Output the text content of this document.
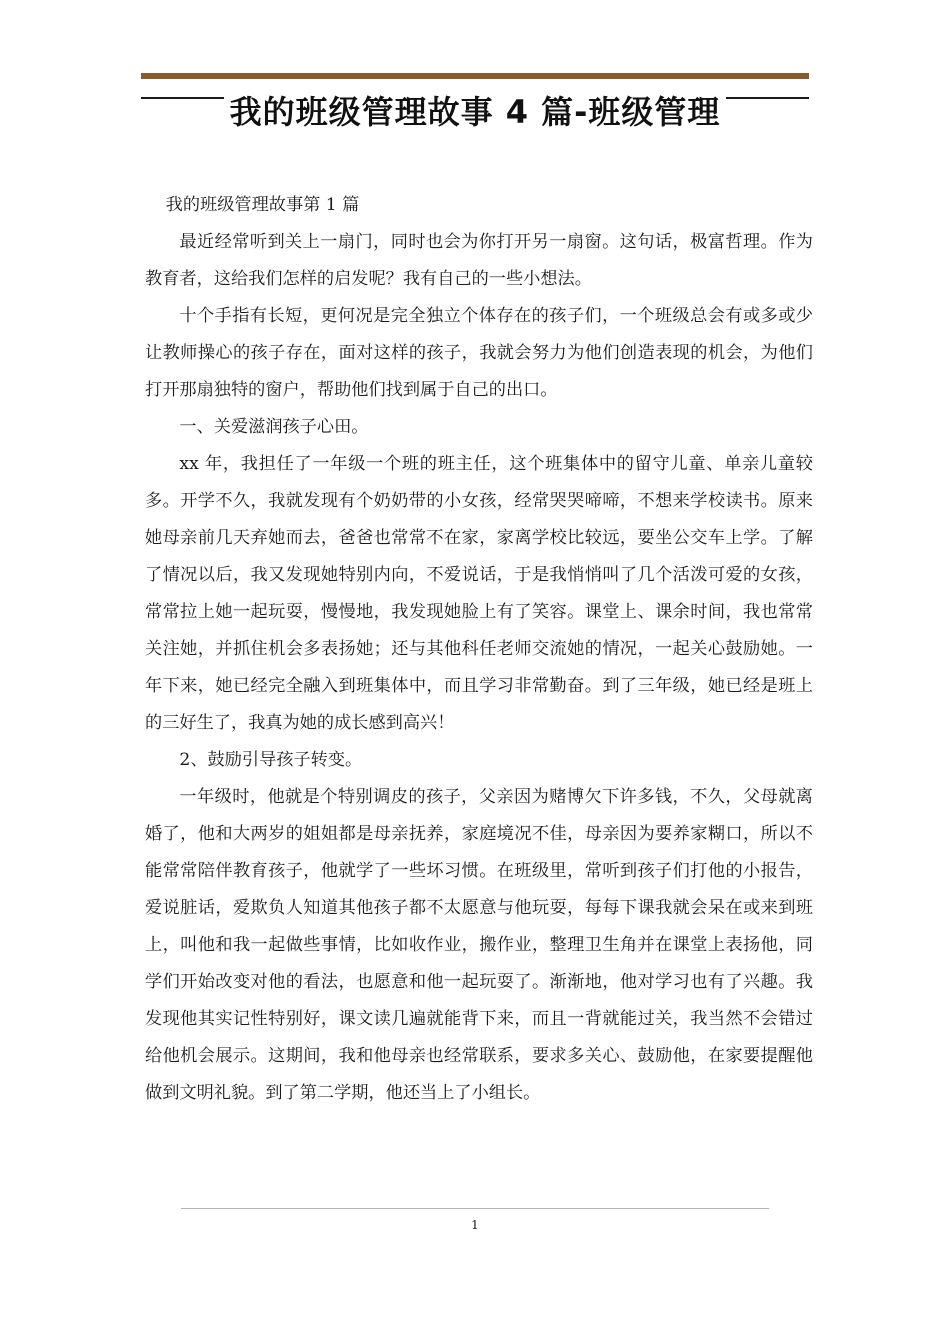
我的班级管理故事 4 篇-班级管理

我的班级管理故事第 1 篇

最近经常听到关上一扇门，同时也会为你打开另一扇窗。这句话，极富哲理。作为教育者，这给我们怎样的启发呢？我有自己的一些小想法。

十个手指有长短，更何况是完全独立个体存在的孩子们，一个班级总会有或多或少让教师操心的孩子存在，面对这样的孩子，我就会努力为他们创造表现的机会，为他们打开那扇独特的窗户，帮助他们找到属于自己的出口。

一、关爱滋润孩子心田。

xx 年，我担任了一年级一个班的班主任，这个班集体中的留守儿童、单亲儿童较多。开学不久，我就发现有个奶奶带的小女孩，经常哭哭啼啼，不想来学校读书。原来她母亲前几天弃她而去，爸爸也常常不在家，家离学校比较远，要坐公交车上学。了解了情况以后，我又发现她特别内向，不爱说话，于是我悄悄叫了几个活泼可爱的女孩，常常拉上她一起玩耍，慢慢地，我发现她脸上有了笑容。课堂上、课余时间，我也常常关注她，并抓住机会多表扬她；还与其他科任老师交流她的情况，一起关心鼓励她。一年下来，她已经完全融入到班集体中，而且学习非常勤奋。到了三年级，她已经是班上的三好生了，我真为她的成长感到高兴！

2、鼓励引导孩子转变。

一年级时，他就是个特别调皮的孩子，父亲因为赌博欠下许多钱，不久，父母就离婚了，他和大两岁的姐姐都是母亲抚养，家庭境况不佳，母亲因为要养家糊口，所以不能常常陪伴教育孩子，他就学了一些坏习惯。在班级里，常听到孩子们打他的小报告，爱说脏话，爱欺负人知道其他孩子都不太愿意与他玩耍，每每下课我就会呆在或来到班上，叫他和我一起做些事情，比如收作业，搬作业，整理卫生角并在课堂上表扬他，同学们开始改变对他的看法，也愿意和他一起玩耍了。渐渐地，他对学习也有了兴趣。我发现他其实记性特别好，课文读几遍就能背下来，而且一背就能过关，我当然不会错过给他机会展示。这期间，我和他母亲也经常联系，要求多关心、鼓励他，在家要提醒他做到文明礼貌。到了第二学期，他还当上了小组长。

1
